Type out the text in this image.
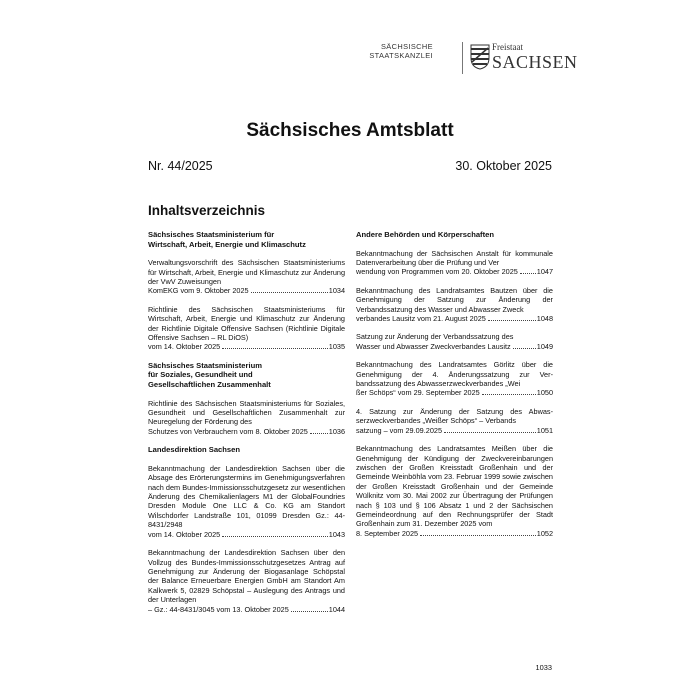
SÄCHSISCHE
STAATSKANZLEI
Freistaat
SACHSEN
Sächsisches Amtsblatt

Nr. 44/2025	30. Oktober 2025

Inhaltsverzeichnis
Sächsisches Staatsministerium für
Wirtschaft, Arbeit, Energie und Klimaschutz
Verwaltungsvorschrift des Sächsischen Staatsministeriums für Wirtschaft, Arbeit, Energie und Klimaschutz zur Änderung der VwV Zuweisungen
KomEKG vom 9. Oktober 2025	1034
Richtlinie des Sächsischen Staatsministeriums für Wirtschaft, Arbeit, Energie und Klimaschutz zur Änderung der Richtlinie Digitale Offensive Sachsen (Richtlinie Digitale Offensive Sachsen – RL DiOS)
vom 14. Oktober 2025	1035
Sächsisches Staatsministerium
für Soziales, Gesundheit und
Gesellschaftlichen Zusammenhalt
Richtlinie des Sächsischen Staatsministeriums für Soziales, Gesundheit und Gesellschaftlichen Zusammenhalt zur Neuregelung der Förderung des
Schutzes von Verbrauchern vom 8. Oktober 2025	1036
Landesdirektion Sachsen
Bekanntmachung der Landesdirektion Sachsen über die Absage des Erörterungstermins im Genehmigungsverfahren nach dem Bundes-Immissionsschutzgesetz zur wesentlichen Änderung des Chemikalienlagers M1 der GlobalFoundries Dresden Module One LLC & Co. KG am Standort Wilschdorfer Landstraße 101, 01099 Dresden Gz.: 44-8431/2948
vom 14. Oktober 2025	1043
Bekanntmachung der Landesdirektion Sachsen über den Vollzug des Bundes-Immissionsschutzgesetzes Antrag auf Genehmigung zur Änderung der Biogasanlage Schöpstal der Balance Erneuerbare Energien GmbH am Standort Am Kalkwerk 5, 02829 Schöpstal – Auslegung des Antrags und der Unterlagen
– Gz.: 44-8431/3045 vom 13. Oktober 2025	1044
Andere Behörden und Körperschaften
Bekanntmachung der Sächsischen Anstalt für kommunale Datenverarbeitung über die Prüfung und Ver
wendung von Programmen vom 20. Oktober 2025	1047
Bekanntmachung des Landratsamtes Bautzen über die Genehmigung der Satzung zur Änderung der Verbandssatzung des Wasser und Abwasser Zweck
verbandes Lausitz vom 21. August 2025	1048
Satzung zur Änderung der Verbandssatzung des
Wasser und Abwasser Zweckverbandes Lausitz	1049
Bekanntmachung des Landratsamtes Görlitz über die Genehmigung der 4. Änderungssatzung zur Verbandssatzung des Abwasserzweckverbandes „Wei
ßer Schöps“ vom 29. September 2025	1050
4. Satzung zur Änderung der Satzung des Abwasserzweckverbandes „Weißer Schöps“ – Verbands
satzung – vom 29.09.2025	1051
Bekanntmachung des Landratsamtes Meißen über die Genehmigung der Kündigung der Zweckvereinbarungen zwischen der Großen Kreisstadt Großenhain und der Gemeinde Weinböhla vom 23. Februar 1999 sowie zwischen der Großen Kreisstadt Großenhain und der Gemeinde Wülknitz vom 30. Mai 2002 zur Übertragung der Prüfungen nach § 103 und § 106 Absatz 1 und 2 der Sächsischen Gemeindeordnung auf den Rechnungsprüfer der Stadt Großenhain zum 31. Dezember 2025 vom
8. September 2025	1052

1033
